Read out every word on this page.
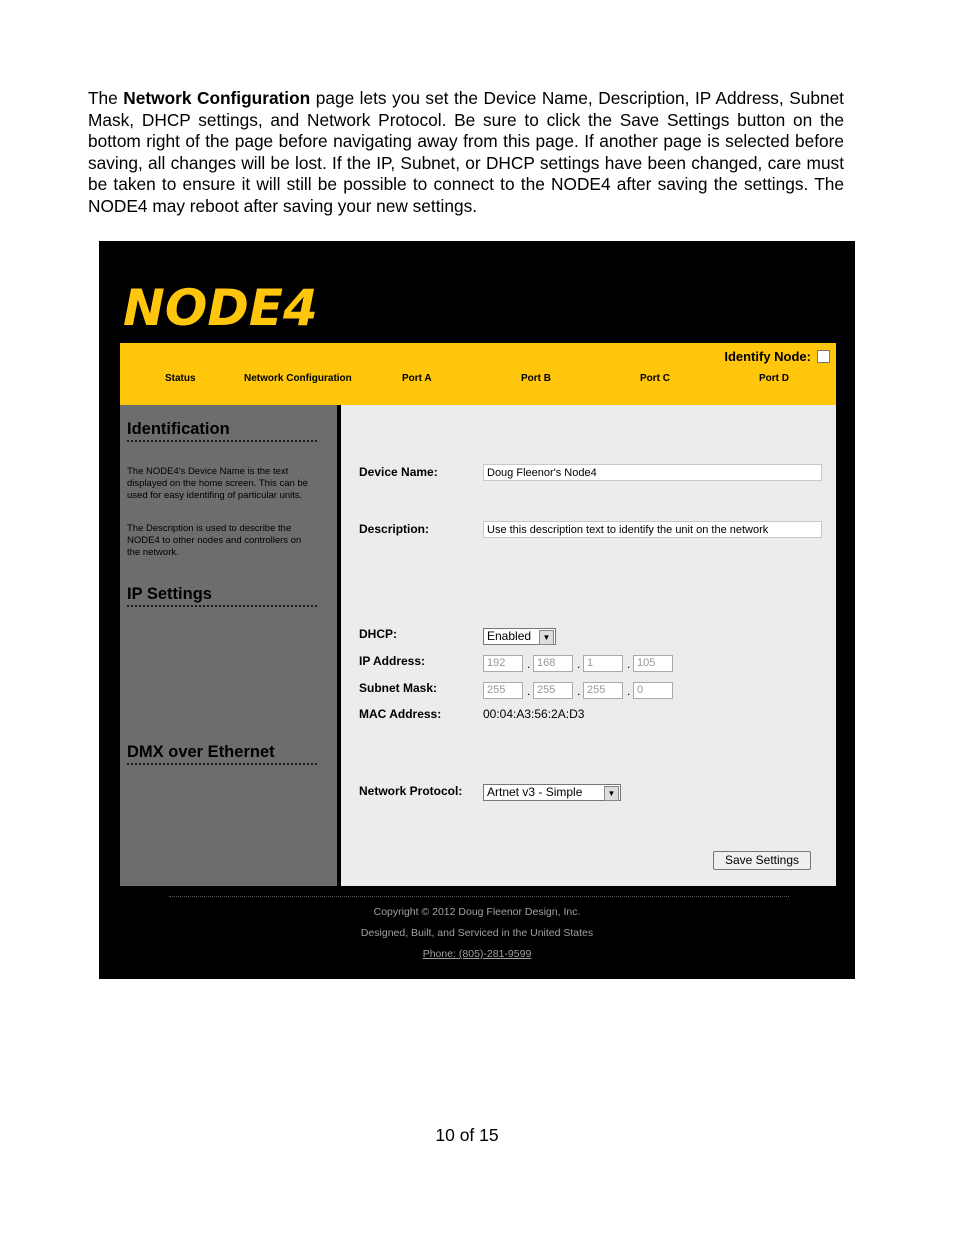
The Network Configuration page lets you set the Device Name, Description, IP Address, Subnet Mask, DHCP settings, and Network Protocol. Be sure to click the Save Settings button on the bottom right of the page before navigating away from this page. If another page is selected before saving, all changes will be lost. If the IP, Subnet, or DHCP settings have been changed, care must be taken to ensure it will still be possible to connect to the NODE4 after saving the settings. The NODE4 may reboot after saving your new settings.

NODE4
Identify Node:
Status	Network Configuration	Port A	Port B	Port C	Port D
Identification

The NODE4's Device Name is the text displayed on the home screen. This can be used for easy identifing of particular units.

The Description is used to describe the NODE4 to other nodes and controllers on the network.

IP Settings
DMX over Ethernet
Device Name:	Doug Fleenor's Node4
Description:	Use this description text to identify the unit on the network
DHCP:	Enabled	▼
IP Address:	192	. 168	. 1	. 105
Subnet Mask:	255	. 255	. 255	. 0
MAC Address:	00:04:A3:56:2A:D3
Network Protocol:	Artnet v3 - Simple	▼
Save Settings
Copyright © 2012 Doug Fleenor Design, Inc.
Designed, Built, and Serviced in the United States
Phone: (805)-281-9599
10 of 15
